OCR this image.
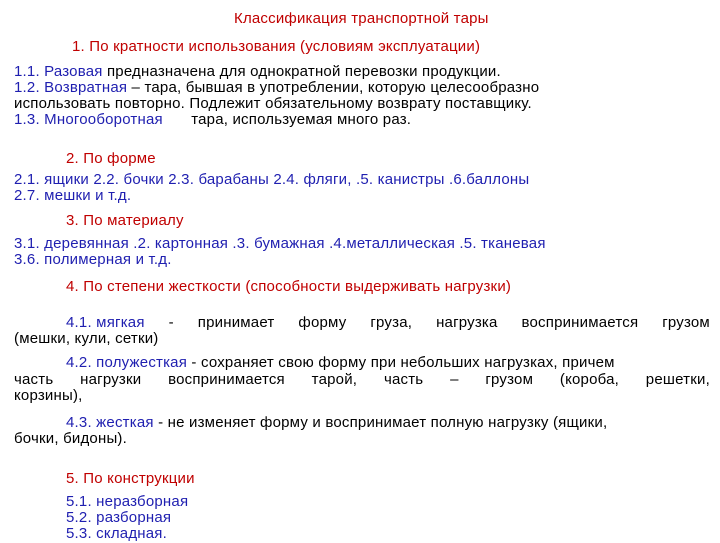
Классификация транспортной тары
1. По кратности использования (условиям эксплуатации)
1.1. Разовая предназначена для однократной перевозки продукции.
1.2. Возвратная – тара, бывшая в употреблении, которую целесообразно
использовать повторно. Подлежит обязательному возврату поставщику.
1.3. Многооборотная тара, используемая много раз.
2. По форме
2.1. ящики 2.2. бочки 2.3. барабаны 2.4. фляги, .5. канистры .6.баллоны
2.7. мешки и т.д.
3. По материалу
3.1. деревянная .2. картонная .3. бумажная .4.металлическая .5. тканевая
3.6. полимерная и т.д.
4. По степени жесткости (способности выдерживать нагрузки)
4.1. мягкая - принимает форму груза, нагрузка воспринимается грузом
(мешки, кули, сетки)
4.2. полужесткая - сохраняет свою форму при небольших нагрузках, причем
часть нагрузки воспринимается тарой, часть – грузом (короба, решетки,
корзины),
4.3. жесткая - не изменяет форму и воспринимает полную нагрузку (ящики,
бочки, бидоны).
5. По конструкции
5.1. неразборная
5.2. разборная
5.3. складная.
